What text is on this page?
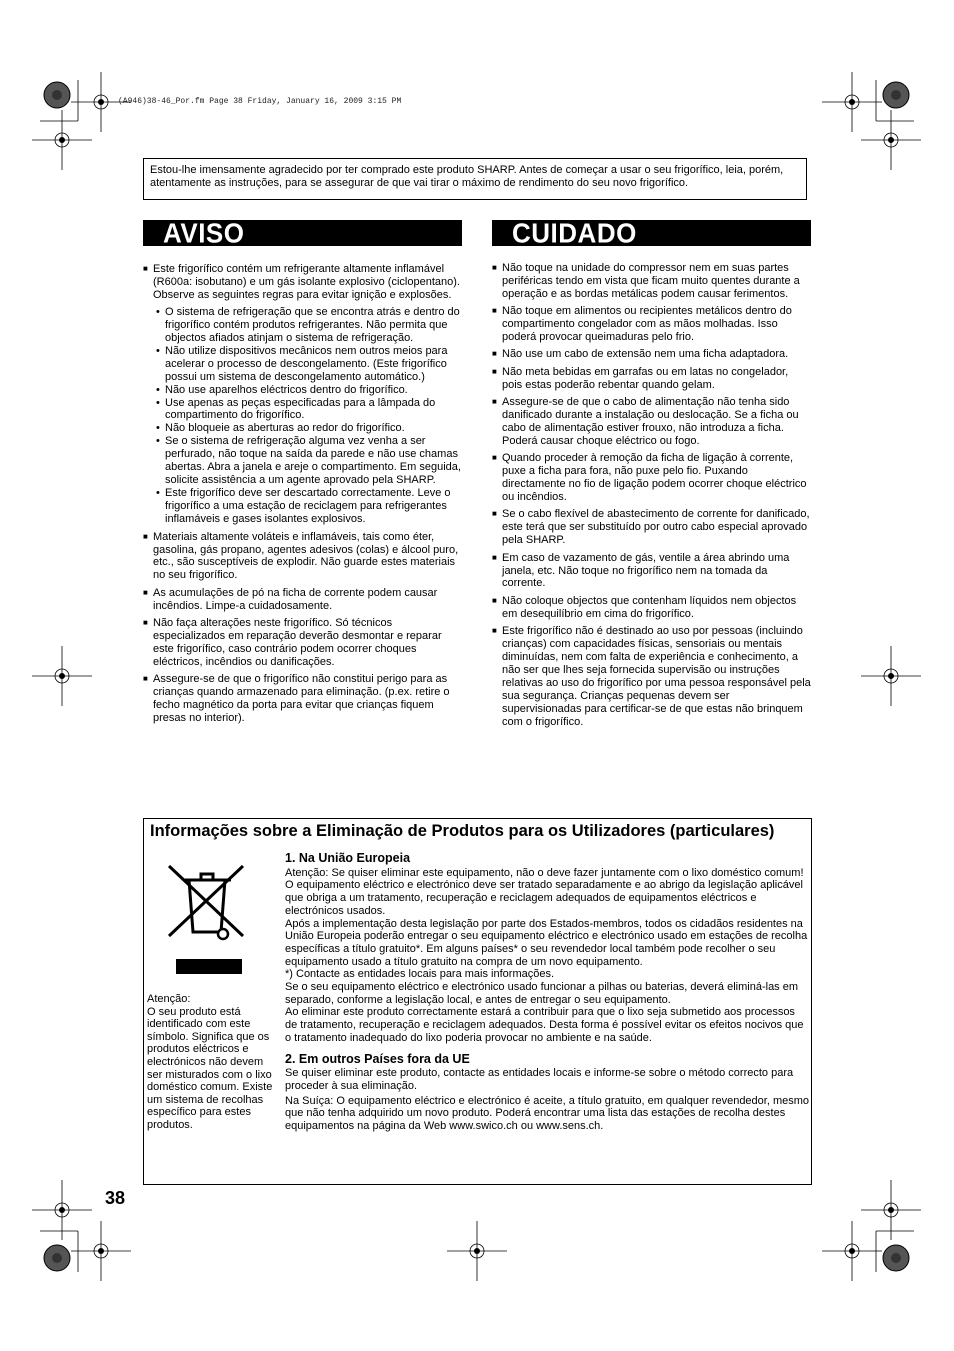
(A946)38-46_Por.fm Page 38 Friday, January 16, 2009 3:15 PM
Estou-lhe imensamente agradecido por ter comprado este produto SHARP. Antes de começar a usar o seu frigorífico, leia, porém, atentamente as instruções, para se assegurar de que vai tirar o máximo de rendimento do seu novo frigorífico.
AVISO

■ Este frigorífico contém um refrigerante altamente inflamável (R600a: isobutano) e um gás isolante explosivo (ciclopentano). Observe as seguintes regras para evitar ignição e explosões.

• O sistema de refrigeração que se encontra atrás e dentro do frigorífico contém produtos refrigerantes. Não permita que objectos afiados atinjam o sistema de refrigeração.
• Não utilize dispositivos mecânicos nem outros meios para acelerar o processo de descongelamento. (Este frigorífico possui um sistema de descongelamento automático.)
• Não use aparelhos eléctricos dentro do frigorífico.
• Use apenas as peças especificadas para a lâmpada do compartimento do frigorífico.
• Não bloqueie as aberturas ao redor do frigorífico.
• Se o sistema de refrigeração alguma vez venha a ser perfurado, não toque na saída da parede e não use chamas abertas. Abra a janela e areje o compartimento. Em seguida, solicite assistência a um agente aprovado pela SHARP.
• Este frigorífico deve ser descartado correctamente. Leve o frigorífico a uma estação de reciclagem para refrigerantes inflamáveis e gases isolantes explosivos.

■ Materiais altamente voláteis e inflamáveis, tais como éter, gasolina, gás propano, agentes adesivos (colas) e álcool puro, etc., são susceptíveis de explodir. Não guarde estes materiais no seu frigorífico.

■ As acumulações de pó na ficha de corrente podem causar incêndios. Limpe-a cuidadosamente.

■ Não faça alterações neste frigorífico. Só técnicos especializados em reparação deverão desmontar e reparar este frigorífico, caso contrário podem ocorrer choques eléctricos, incêndios ou danificações.

■ Assegure-se de que o frigorífico não constitui perigo para as crianças quando armazenado para eliminação. (p.ex. retire o fecho magnético da porta para evitar que crianças fiquem presas no interior).

CUIDADO

■ Não toque na unidade do compressor nem em suas partes periféricas tendo em vista que ficam muito quentes durante a operação e as bordas metálicas podem causar ferimentos.

■ Não toque em alimentos ou recipientes metálicos dentro do compartimento congelador com as mãos molhadas. Isso poderá provocar queimaduras pelo frio.

■ Não use um cabo de extensão nem uma ficha adaptadora.

■ Não meta bebidas em garrafas ou em latas no congelador, pois estas poderão rebentar quando gelam.

■ Assegure-se de que o cabo de alimentação não tenha sido danificado durante a instalação ou deslocação. Se a ficha ou cabo de alimentação estiver frouxo, não introduza a ficha. Poderá causar choque eléctrico ou fogo.

■ Quando proceder à remoção da ficha de ligação à corrente, puxe a ficha para fora, não puxe pelo fio. Puxando directamente no fio de ligação podem ocorrer choque eléctrico ou incêndios.

■ Se o cabo flexível de abastecimento de corrente for danificado, este terá que ser substituído por outro cabo especial aprovado pela SHARP.

■ Em caso de vazamento de gás, ventile a área abrindo uma janela, etc. Não toque no frigorífico nem na tomada da corrente.

■ Não coloque objectos que contenham líquidos nem objectos em desequilíbrio em cima do frigorífico.

■ Este frigorífico não é destinado ao uso por pessoas (incluindo crianças) com capacidades físicas, sensoriais ou mentais diminuídas, nem com falta de experiência e conhecimento, a não ser que lhes seja fornecida supervisão ou instruções relativas ao uso do frigorífico por uma pessoa responsável pela sua segurança. Crianças pequenas devem ser supervisionadas para certificar-se de que estas não brinquem com o frigorífico.

Informações sobre a Eliminação de Produtos para os Utilizadores (particulares)
Atenção:
O seu produto está identificado com este símbolo. Significa que os produtos eléctricos e electrónicos não devem ser misturados com o lixo doméstico comum. Existe um sistema de recolhas específico para estes produtos.
1. Na União Europeia

Atenção: Se quiser eliminar este equipamento, não o deve fazer juntamente com o lixo doméstico comum!

O equipamento eléctrico e electrónico deve ser tratado separadamente e ao abrigo da legislação aplicável que obriga a um tratamento, recuperação e reciclagem adequados de equipamentos eléctricos e electrónicos usados.

Após a implementação desta legislação por parte dos Estados-membros, todos os cidadãos residentes na União Europeia poderão entregar o seu equipamento eléctrico e electrónico usado em estações de recolha específicas a título gratuito*. Em alguns países* o seu revendedor local também pode recolher o seu equipamento usado a título gratuito na compra de um novo equipamento.

*) Contacte as entidades locais para mais informações.

Se o seu equipamento eléctrico e electrónico usado funcionar a pilhas ou baterias, deverá eliminá-las em separado, conforme a legislação local, e antes de entregar o seu equipamento.

Ao eliminar este produto correctamente estará a contribuir para que o lixo seja submetido aos processos de tratamento, recuperação e reciclagem adequados. Desta forma é possível evitar os efeitos nocivos que o tratamento inadequado do lixo poderia provocar no ambiente e na saúde.

2. Em outros Países fora da UE

Se quiser eliminar este produto, contacte as entidades locais e informe-se sobre o método correcto para proceder à sua eliminação.

Na Suíça: O equipamento eléctrico e electrónico é aceite, a título gratuito, em qualquer revendedor, mesmo que não tenha adquirido um novo produto. Poderá encontrar uma lista das estações de recolha destes equipamentos na página da Web www.swico.ch ou www.sens.ch.

38
